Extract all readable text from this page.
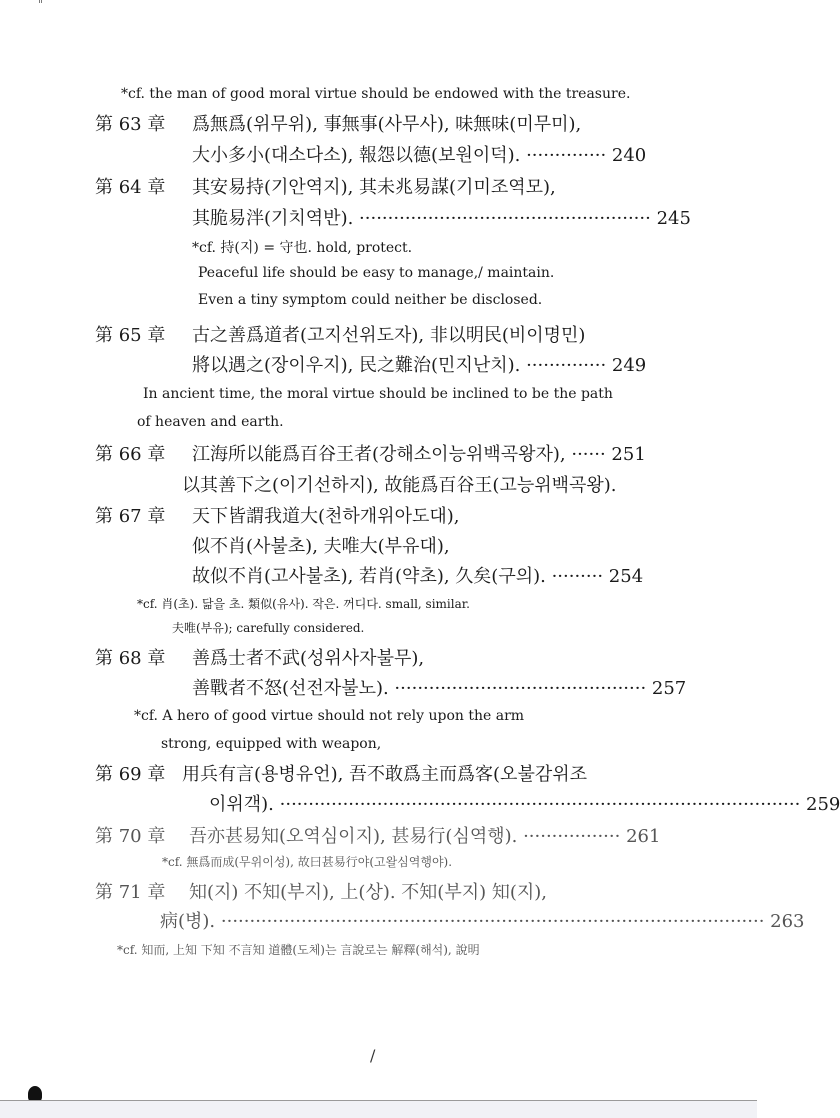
"
*cf. the man of good moral virtue should be endowed with the treasure.
第 63 章 爲無爲(위무위), 事無事(사무사), 味無味(미무미),
大小多小(대소다소), 報怨以德(보원이덕). ·············· 240
第 64 章 其安易持(기안역지), 其未兆易謀(기미조역모),
其脆易泮(기치역반). ··················································· 245
*cf. 持(지) = 守也. hold, protect.
Peaceful life should be easy to manage,/ maintain.
Even a tiny symptom could neither be disclosed.
第 65 章 古之善爲道者(고지선위도자), 非以明民(비이명민)
將以遇之(장이우지), 民之難治(민지난치). ·············· 249
In ancient time, the moral virtue should be inclined to be the path
of heaven and earth.
第 66 章 江海所以能爲百谷王者(강해소이능위백곡왕자), ······ 251
以其善下之(이기선하지), 故能爲百谷王(고능위백곡왕).
第 67 章 天下皆謂我道大(천하개위아도대),
似不肖(사불초), 夫唯大(부유대),
故似不肖(고사불초), 若肖(약초), 久矣(구의). ········· 254
*cf. 肖(초). 닮을 초. 類似(유사). 작은. 꺼디다. small, similar.
夫唯(부유); carefully considered.
第 68 章 善爲士者不武(성위사자불무),
善戰者不怒(선전자불노). ············································ 257
*cf. A hero of good virtue should not rely upon the arm
strong, equipped with weapon,
第 69 章 用兵有言(용병유언), 吾不敢爲主而爲客(오불감위조
이위객). ··························································································· 259
第 70 章 吾亦甚易知(오역심이지), 甚易行(심역행). ················· 261
*cf. 無爲而成(무위이성), 故曰甚易行야(고왈심역행야).
第 71 章 知(지) 不知(부지), 上(상). 不知(부지) 知(지),
病(병). ······························································································· 263
*cf. 知而, 上知 下知 不言知 道體(도체)는 言說로는 解釋(해석), 說明
/
